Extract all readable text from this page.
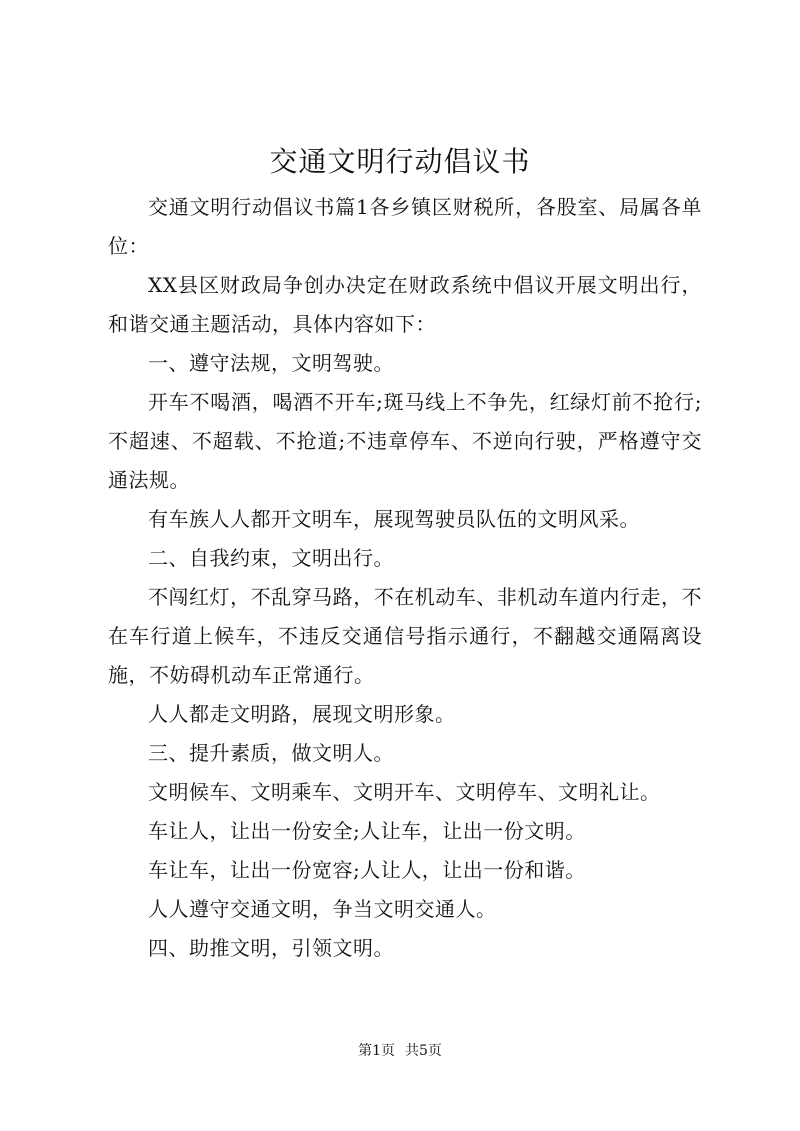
交通文明行动倡议书

交通文明行动倡议书篇1各乡镇区财税所，各股室、局属各单位：

XX县区财政局争创办决定在财政系统中倡议开展文明出行，和谐交通主题活动，具体内容如下：

一、遵守法规，文明驾驶。

开车不喝酒，喝酒不开车;斑马线上不争先，红绿灯前不抢行;不超速、不超载、不抢道;不违章停车、不逆向行驶，严格遵守交通法规。

有车族人人都开文明车，展现驾驶员队伍的文明风采。

二、自我约束，文明出行。

不闯红灯，不乱穿马路，不在机动车、非机动车道内行走，不在车行道上候车，不违反交通信号指示通行，不翻越交通隔离设施，不妨碍机动车正常通行。

人人都走文明路，展现文明形象。

三、提升素质，做文明人。

文明候车、文明乘车、文明开车、文明停车、文明礼让。

车让人，让出一份安全;人让车，让出一份文明。

车让车，让出一份宽容;人让人，让出一份和谐。

人人遵守交通文明，争当文明交通人。

四、助推文明，引领文明。

第1页 共5页
